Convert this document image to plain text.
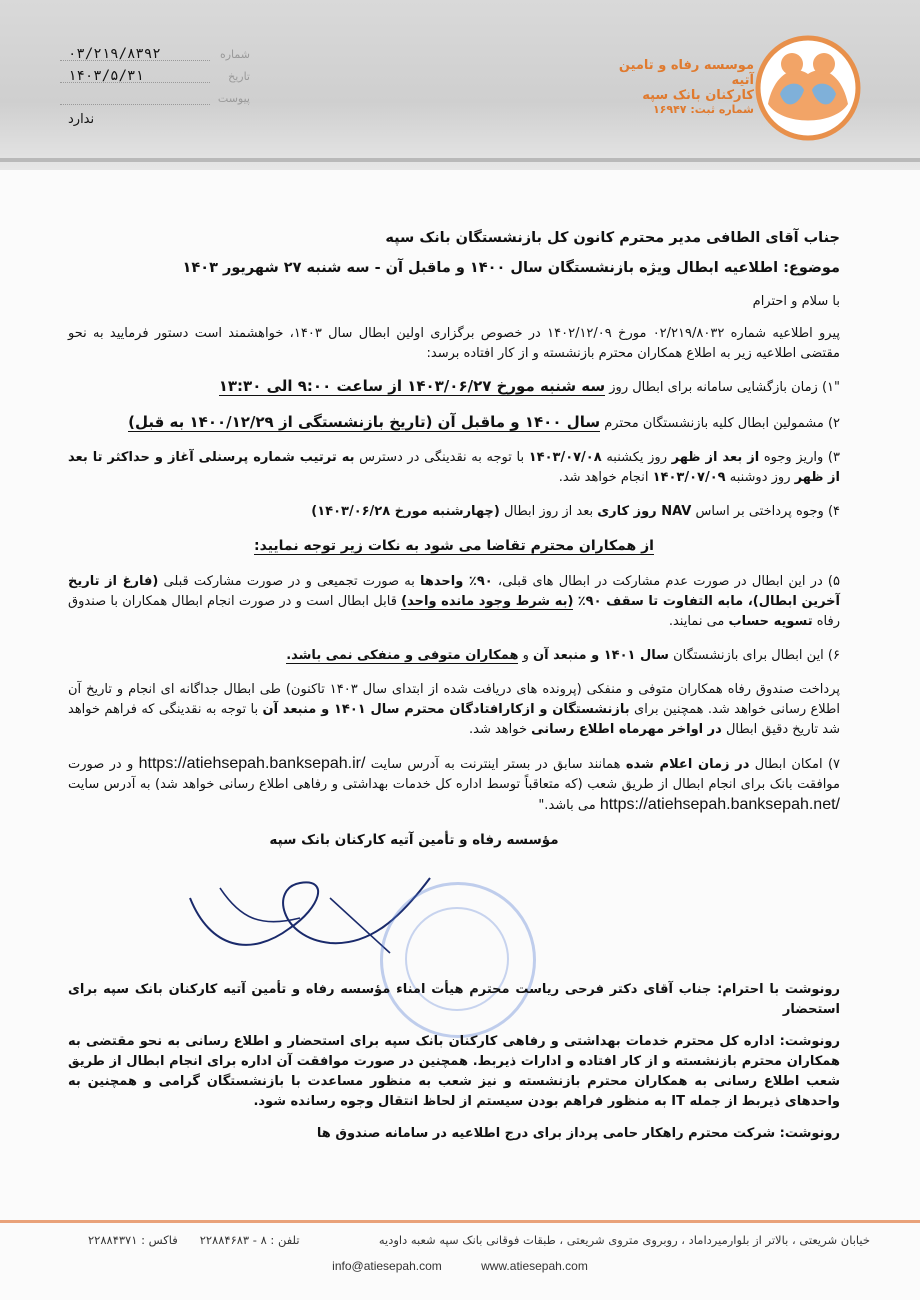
موسسه رفاه و تامین آتیه
کارکنان بانک سپه
شماره ثبت: ۱۶۹۴۷
شماره
۰۳/۲۱۹/۸۳۹۲
تاریخ
۱۴۰۳/۵/۳۱
پیوست
ندارد
جناب آقای الطافی مدیر محترم کانون کل بازنشستگان بانک سپه
موضوع: اطلاعیه ابطال ویژه بازنشستگان سال ۱۴۰۰ و ماقبل آن - سه شنبه ۲۷ شهریور ۱۴۰۳
با سلام و احترام

پیرو اطلاعیه شماره ۰۲/۲۱۹/۸۰۳۲ مورخ ۱۴۰۲/۱۲/۰۹ در خصوص برگزاری اولین ابطال سال ۱۴۰۳، خواهشمند است دستور فرمایید به نحو مقتضی اطلاعیه زیر به اطلاع همکاران محترم بازنشسته و از کار افتاده برسد:

"۱) زمان بازگشایی سامانه برای ابطال روز سه شنبه مورخ ۱۴۰۳/۰۶/۲۷ از ساعت ۹:۰۰ الی ۱۳:۳۰
۲) مشمولین ابطال کلیه بازنشستگان محترم سال ۱۴۰۰ و ماقبل آن (تاریخ بازنشستگی از ۱۴۰۰/۱۲/۲۹ به قبل)
۳) واریز وجوه از بعد از ظهر روز یکشنبه ۱۴۰۳/۰۷/۰۸ با توجه به نقدینگی در دسترس به ترتیب شماره پرسنلی آغاز و حداکثر تا بعد از ظهر روز دوشنبه ۱۴۰۳/۰۷/۰۹ انجام خواهد شد.
۴) وجوه پرداختی بر اساس NAV روز کاری بعد از روز ابطال (چهارشنبه مورخ ۱۴۰۳/۰۶/۲۸)
از همکاران محترم تقاضا می شود به نکات زیر توجه نمایید:
۵) در این ابطال در صورت عدم مشارکت در ابطال های قبلی، ۹۰٪ واحدها به صورت تجمیعی و در صورت مشارکت قبلی (فارغ از تاریخ آخرین ابطال)، مابه التفاوت تا سقف ۹۰٪ (به شرط وجود مانده واحد) قابل ابطال است و در صورت انجام ابطال همکاران با صندوق رفاه تسویه حساب می نمایند.
۶) این ابطال برای بازنشستگان سال ۱۴۰۱ و منبعد آن و همکاران متوفی و منفکی نمی باشد.
پرداخت صندوق رفاه همکاران متوفی و منفکی (پرونده های دریافت شده از ابتدای سال ۱۴۰۳ تاکنون) طی ابطال جداگانه ای انجام و تاریخ آن اطلاع رسانی خواهد شد. همچنین برای بازنشستگان و ازکارافتادگان محترم سال ۱۴۰۱ و منبعد آن با توجه به نقدینگی که فراهم خواهد شد تاریخ دقیق ابطال در اواخر مهرماه اطلاع رسانی خواهد شد.
۷) امکان ابطال در زمان اعلام شده همانند سابق در بستر اینترنت به آدرس سایت https://atiehsepah.banksepah.ir/ و در صورت موافقت بانک برای انجام ابطال از طریق شعب (که متعاقباً توسط اداره کل خدمات بهداشتی و رفاهی اطلاع رسانی خواهد شد) به آدرس سایت https://atiehsepah.banksepah.net/ می باشد."
مؤسسه رفاه و تأمین آتیه کارکنان بانک سپه

رونوشت با احترام: جناب آقای دکتر فرحی ریاست محترم هیأت امناء مؤسسه رفاه و تأمین آتیه کارکنان بانک سپه برای استحضار

رونوشت: اداره کل محترم خدمات بهداشتی و رفاهی کارکنان بانک سپه برای استحضار و اطلاع رسانی به نحو مقتضی به همکاران محترم بازنشسته و از کار افتاده و ادارات ذیربط. همچنین در صورت موافقت آن اداره برای انجام ابطال از طریق شعب اطلاع رسانی به همکاران محترم بازنشسته و نیز شعب به منظور مساعدت با بازنشستگان گرامی و همچنین به واحدهای ذیربط از جمله IT به منظور فراهم بودن سیستم از لحاظ انتقال وجوه رسانده شود.

رونوشت: شرکت محترم راهکار حامی پرداز برای درج اطلاعیه در سامانه صندوق ها

خیابان شریعتی ، بالاتر از بلوارمیرداماد ، روبروی متروی شریعتی ، طبقات فوقانی بانک سپه شعبه داودیه
تلفن : ۸ - ۲۲۸۸۴۶۸۳      فاکس : ۲۲۸۸۴۳۷۱
info@atiesepah.com	www.atiesepah.com
